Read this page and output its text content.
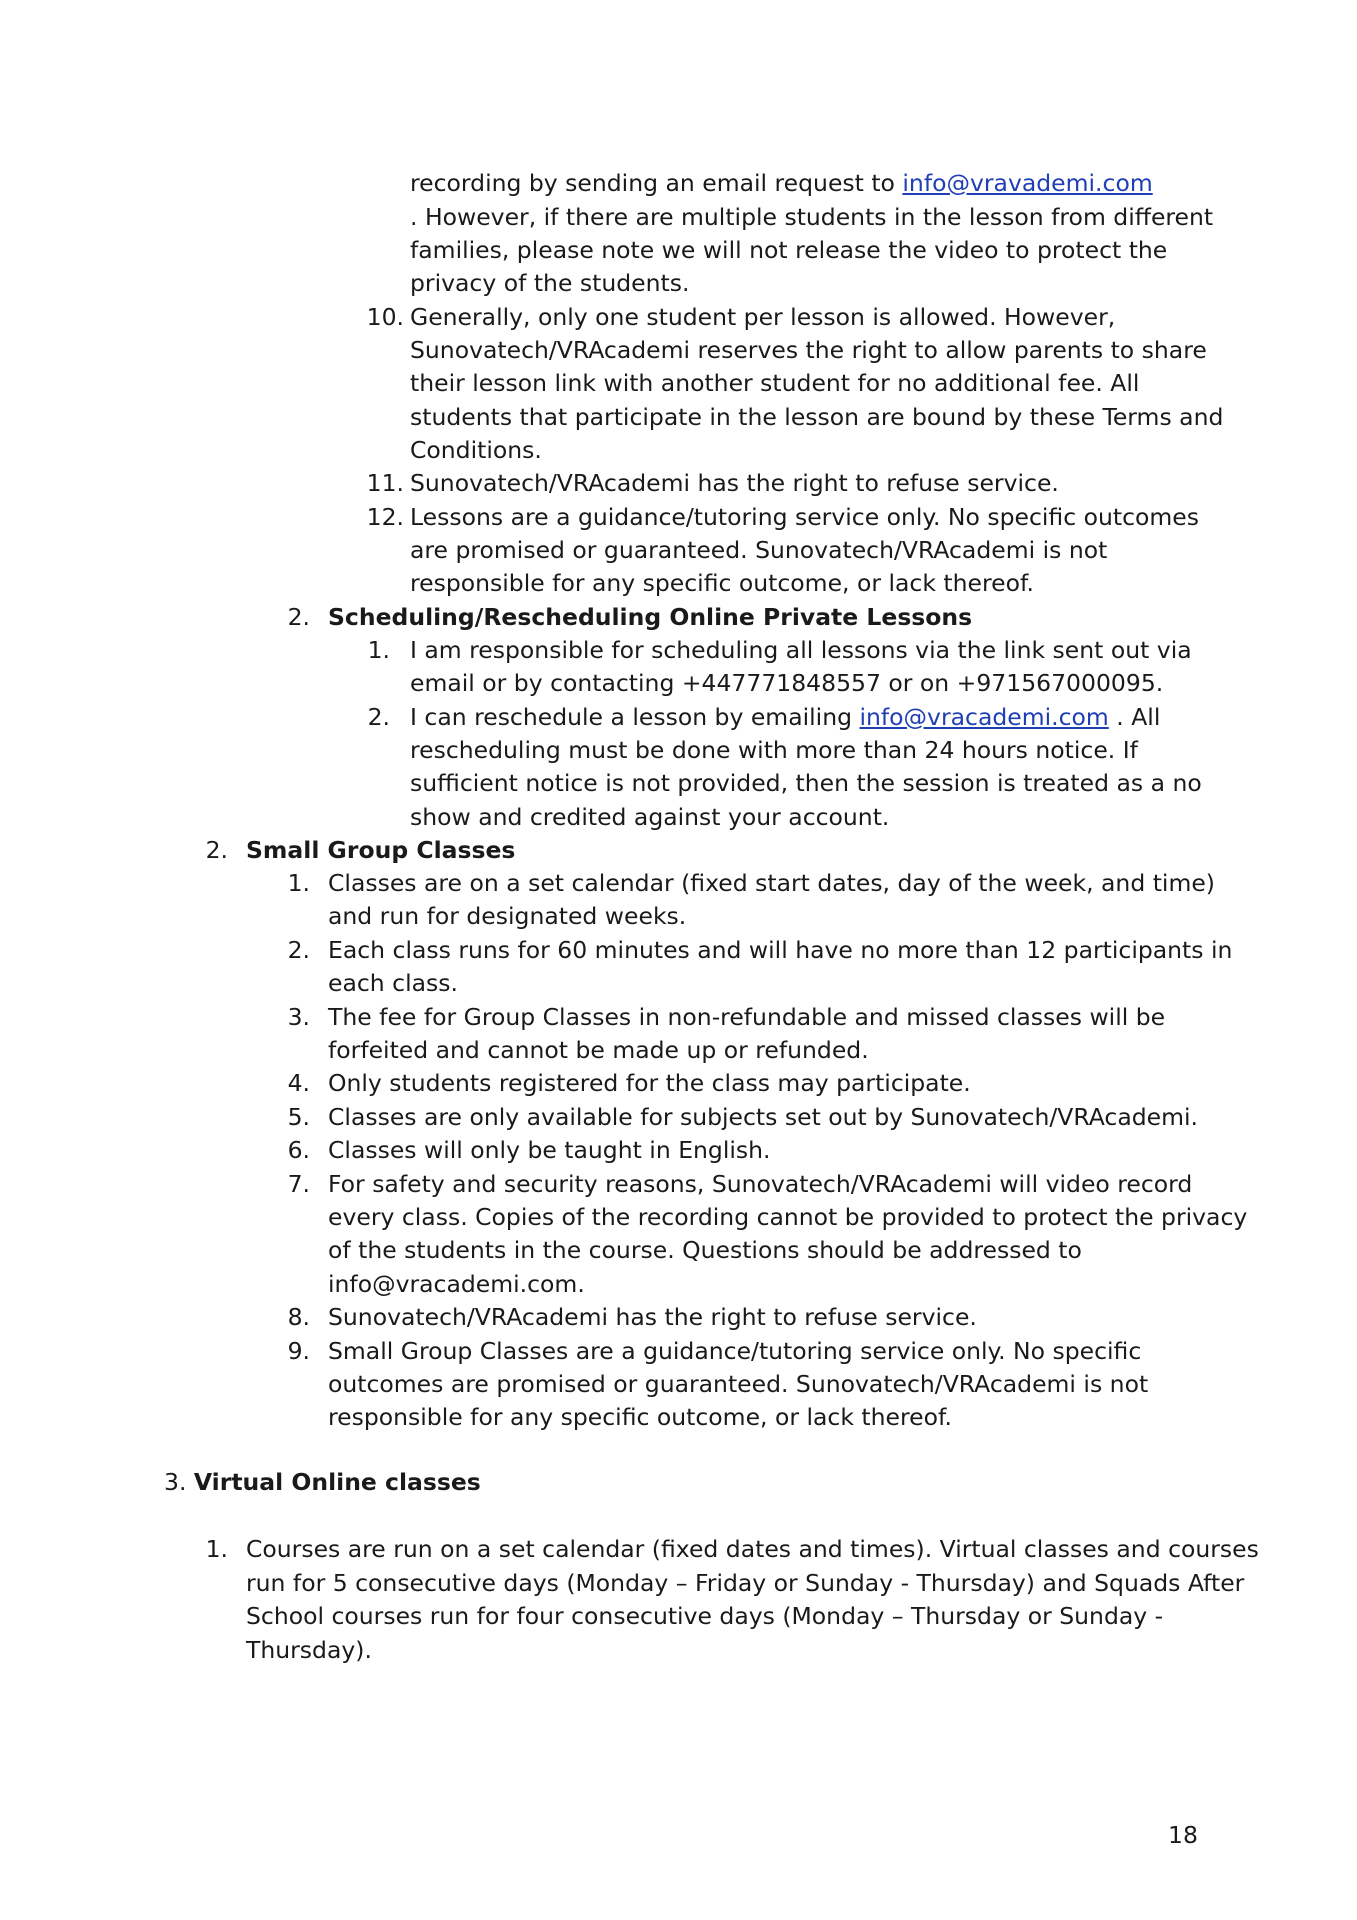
recording by sending an email request to info@vravademi.com
. However, if there are multiple students in the lesson from different
families, please note we will not release the video to protect the
privacy of the students.
10. Generally, only one student per lesson is allowed. However,
Sunovatech/VRAcademi reserves the right to allow parents to share
their lesson link with another student for no additional fee. All
students that participate in the lesson are bound by these Terms and
Conditions.
11. Sunovatech/VRAcademi has the right to refuse service.
12. Lessons are a guidance/tutoring service only. No specific outcomes
are promised or guaranteed. Sunovatech/VRAcademi is not
responsible for any specific outcome, or lack thereof.
2. Scheduling/Rescheduling Online Private Lessons
1. I am responsible for scheduling all lessons via the link sent out via
email or by contacting +447771848557 or on +971567000095.
2. I can reschedule a lesson by emailing info@vracademi.com . All
rescheduling must be done with more than 24 hours notice. If
sufficient notice is not provided, then the session is treated as a no
show and credited against your account.
2. Small Group Classes
1. Classes are on a set calendar (fixed start dates, day of the week, and time)
and run for designated weeks.
2. Each class runs for 60 minutes and will have no more than 12 participants in
each class.
3. The fee for Group Classes in non-refundable and missed classes will be
forfeited and cannot be made up or refunded.
4. Only students registered for the class may participate.
5. Classes are only available for subjects set out by Sunovatech/VRAcademi.
6. Classes will only be taught in English.
7. For safety and security reasons, Sunovatech/VRAcademi will video record
every class. Copies of the recording cannot be provided to protect the privacy
of the students in the course. Questions should be addressed to
info@vracademi.com.
8. Sunovatech/VRAcademi has the right to refuse service.
9. Small Group Classes are a guidance/tutoring service only. No specific
outcomes are promised or guaranteed. Sunovatech/VRAcademi is not
responsible for any specific outcome, or lack thereof.
3. Virtual Online classes
1. Courses are run on a set calendar (fixed dates and times). Virtual classes and courses
run for 5 consecutive days (Monday – Friday or Sunday - Thursday) and Squads After
School courses run for four consecutive days (Monday – Thursday or Sunday -
Thursday).
18
